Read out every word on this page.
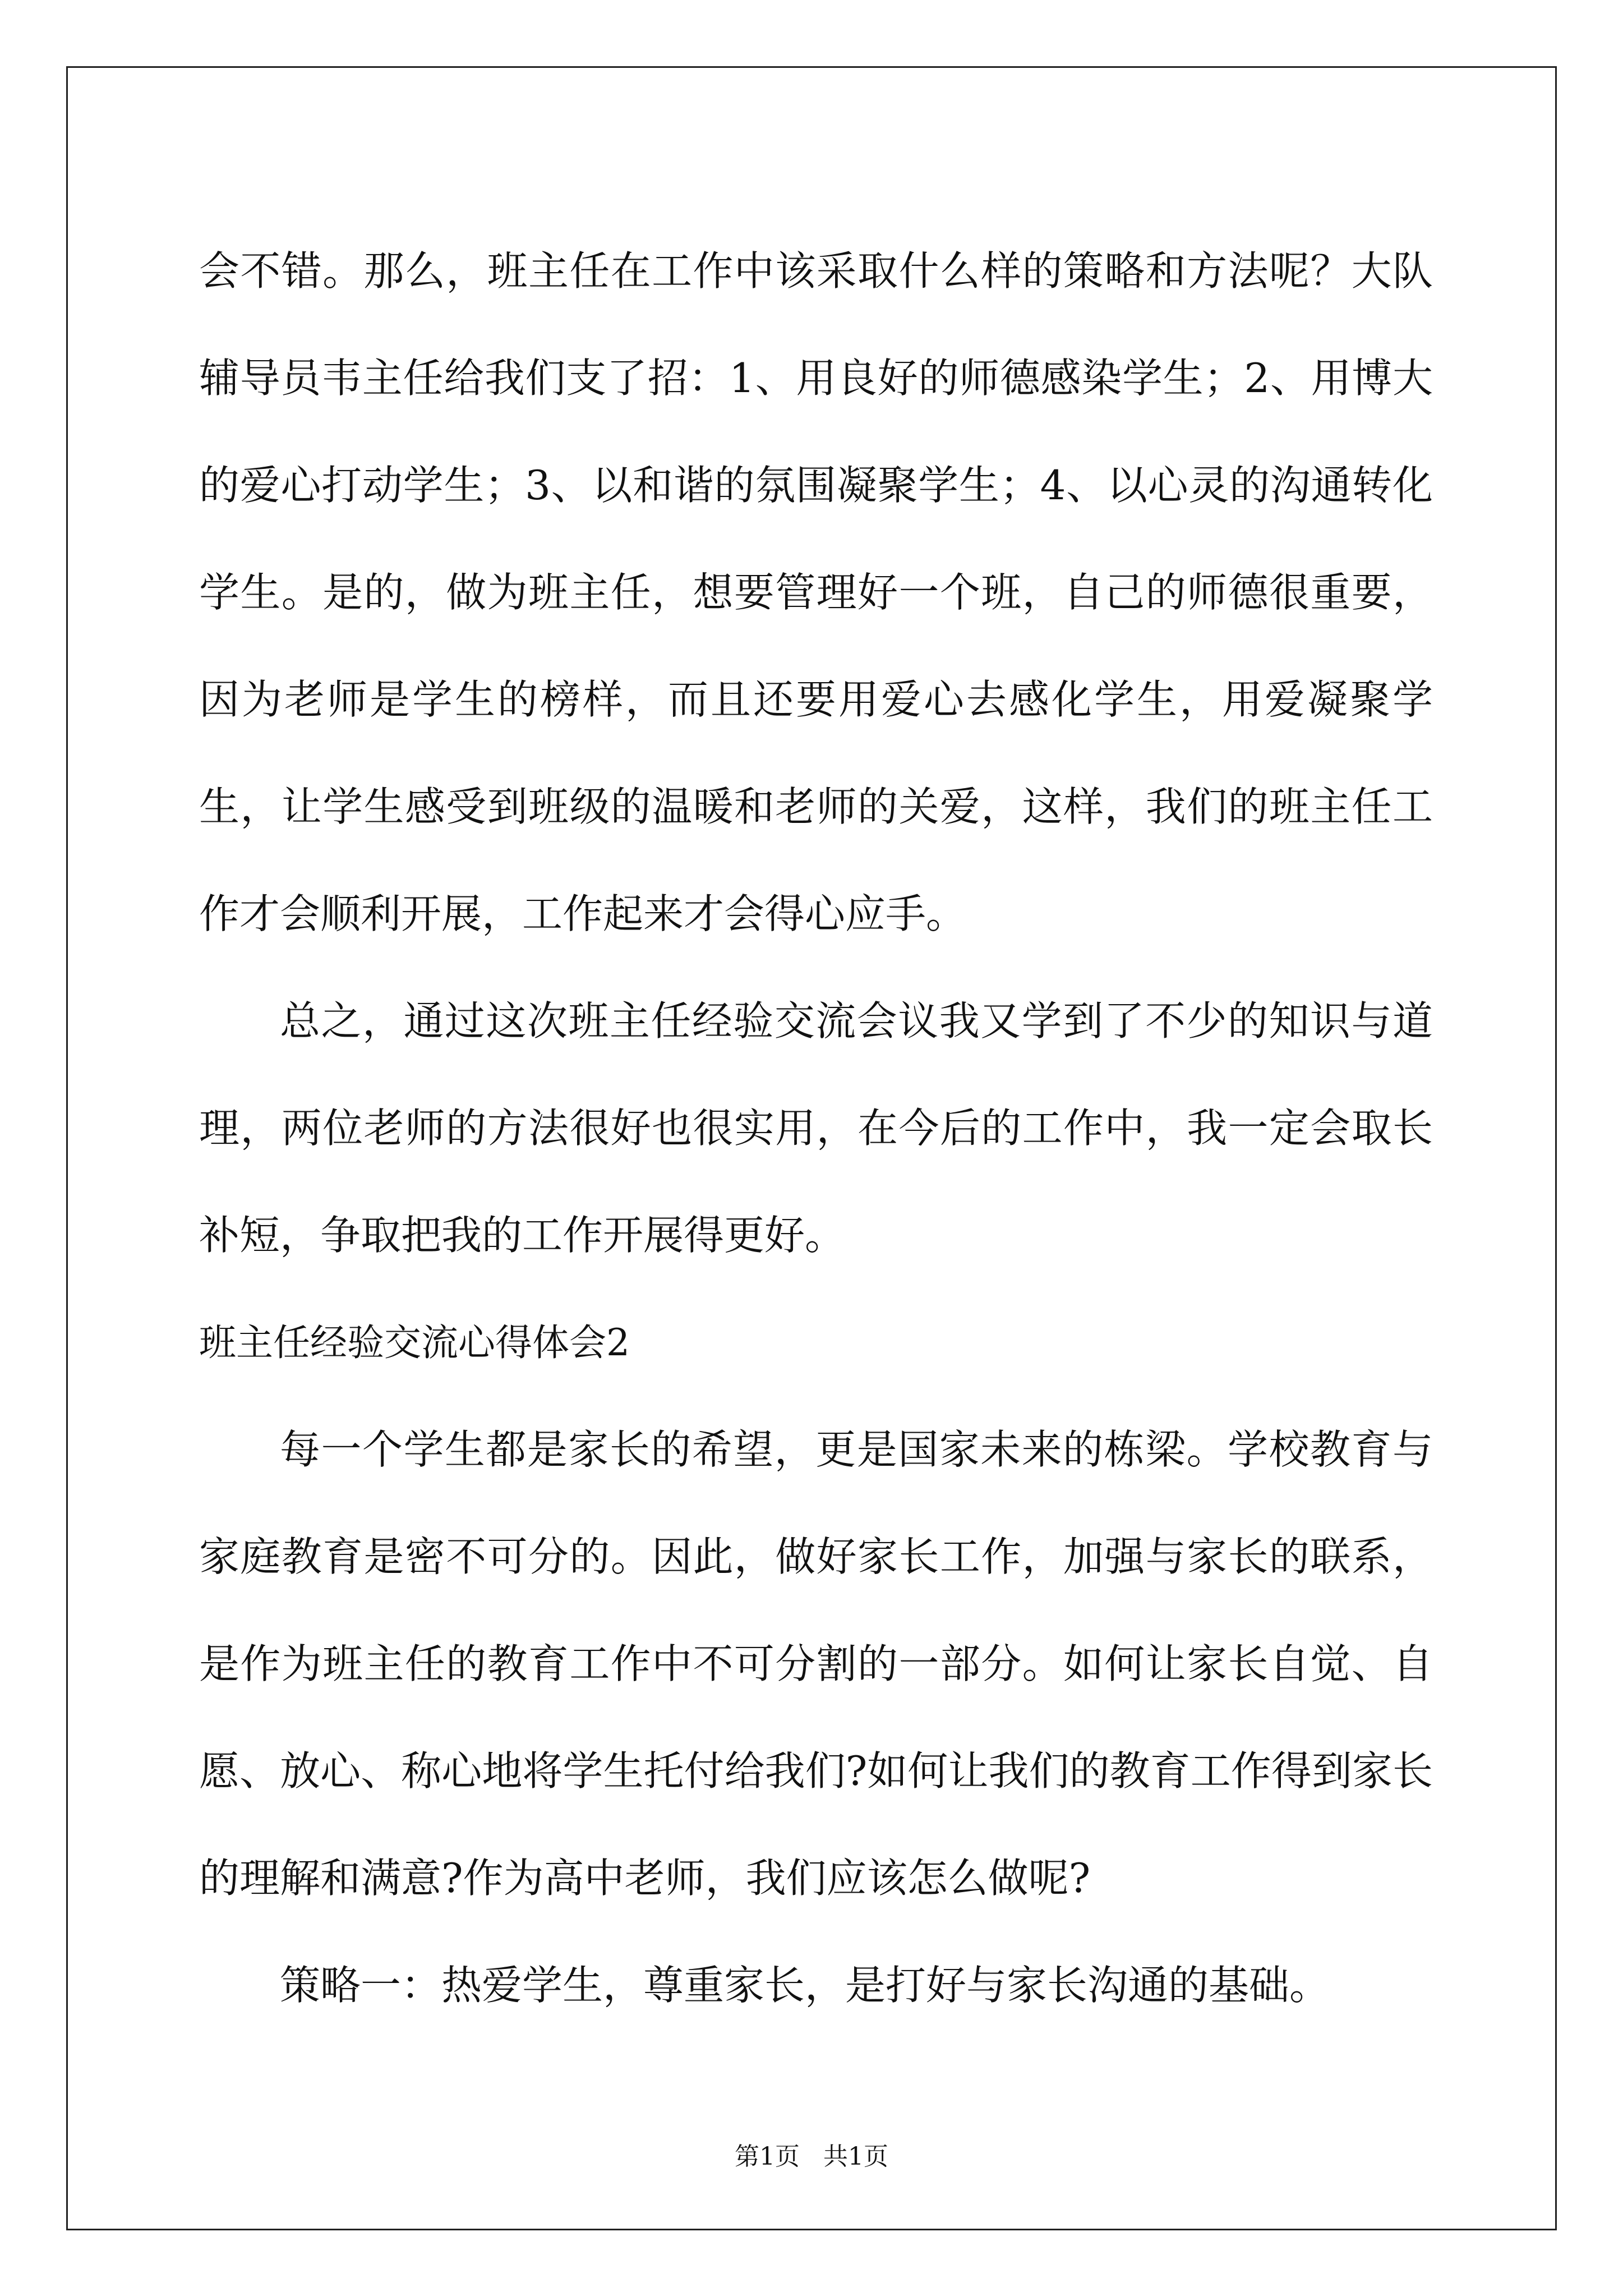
会不错。那么，班主任在工作中该采取什么样的策略和方法呢？大队辅导员韦主任给我们支了招：1、用良好的师德感染学生；2、用博大的爱心打动学生；3、以和谐的氛围凝聚学生；4、以心灵的沟通转化学生。是的，做为班主任，想要管理好一个班，自己的师德很重要，因为老师是学生的榜样，而且还要用爱心去感化学生，用爱凝聚学生，让学生感受到班级的温暖和老师的关爱，这样，我们的班主任工作才会顺利开展，工作起来才会得心应手。

总之，通过这次班主任经验交流会议我又学到了不少的知识与道理，两位老师的方法很好也很实用，在今后的工作中，我一定会取长补短，争取把我的工作开展得更好。

班主任经验交流心得体会2

每一个学生都是家长的希望，更是国家未来的栋梁。学校教育与家庭教育是密不可分的。因此，做好家长工作，加强与家长的联系，是作为班主任的教育工作中不可分割的一部分。如何让家长自觉、自愿、放心、称心地将学生托付给我们?如何让我们的教育工作得到家长的理解和满意?作为高中老师，我们应该怎么做呢?

策略一：热爱学生，尊重家长，是打好与家长沟通的基础。

第1页   共1页
